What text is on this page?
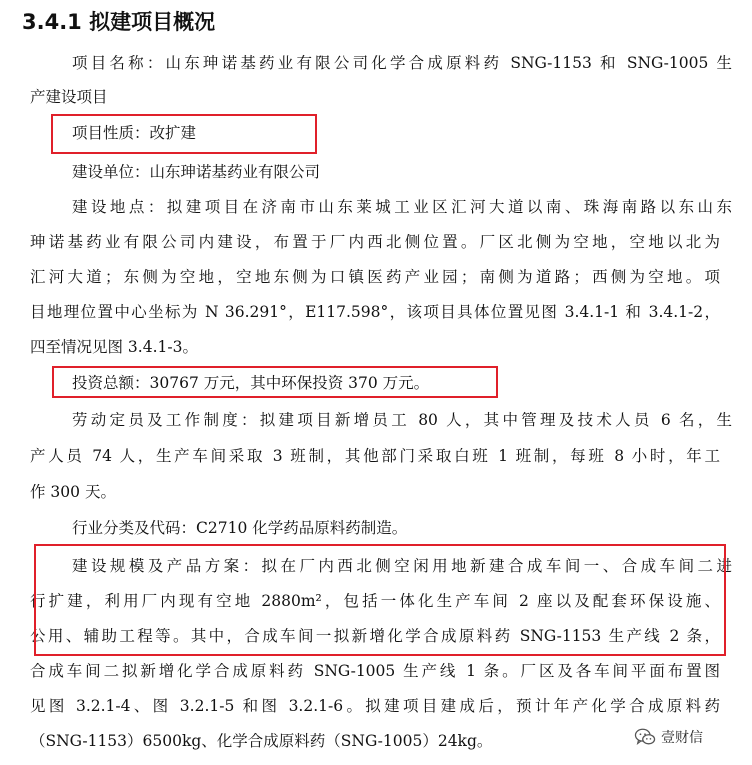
3.4.1 拟建项目概况
项目名称：山东珅诺基药业有限公司化学合成原料药 SNG-1153 和 SNG-1005 生
产建设项目
项目性质：改扩建
建设单位：山东珅诺基药业有限公司
建设地点：拟建项目在济南市山东莱城工业区汇河大道以南、珠海南路以东山东
珅诺基药业有限公司内建设，布置于厂内西北侧位置。厂区北侧为空地，空地以北为
汇河大道；东侧为空地，空地东侧为口镇医药产业园；南侧为道路；西侧为空地。项
目地理位置中心坐标为 N 36.291°，E117.598°，该项目具体位置见图 3.4.1-1 和 3.4.1-2，
四至情况见图 3.4.1-3。
投资总额：30767 万元，其中环保投资 370 万元。
劳动定员及工作制度：拟建项目新增员工 80 人，其中管理及技术人员 6 名，生
产人员 74 人，生产车间采取 3 班制，其他部门采取白班 1 班制，每班 8 小时，年工
作 300 天。
行业分类及代码：C2710 化学药品原料药制造。
建设规模及产品方案：拟在厂内西北侧空闲用地新建合成车间一、合成车间二进
行扩建，利用厂内现有空地 2880m²，包括一体化生产车间 2 座以及配套环保设施、
公用、辅助工程等。其中，合成车间一拟新增化学合成原料药 SNG-1153 生产线 2 条，
合成车间二拟新增化学合成原料药 SNG-1005 生产线 1 条。厂区及各车间平面布置图
见图 3.2.1-4、图 3.2.1-5 和图 3.2.1-6。拟建项目建成后，预计年产化学合成原料药
（SNG-1153）6500kg、化学合成原料药（SNG-1005）24kg。	壹财信
